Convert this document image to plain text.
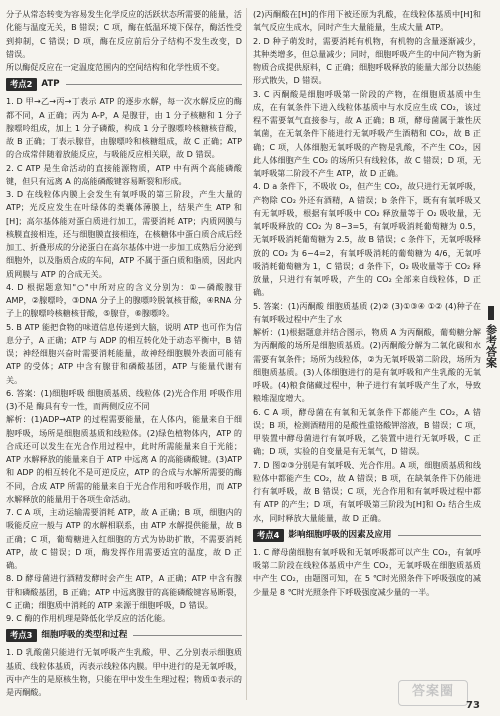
分子从常态转变为容易发生化学反应的活跃状态所需要的能量，活化能与温度无关，B 错误；C 项，酶在低温环境下保存，酶活性受到抑制，C 错误；D 项，酶在反应前后分子结构不发生改变，D 错误。

所以酶促反应在一定温度范围内的空间结构和化学性质不变。

考点2	ATP

1. D 甲→乙→丙→丁表示 ATP 的逐步水解，每一次水解反应的酶都不同，A 正确；丙为 A-P，A 是腺苷，由 1 分子核糖和 1 分子腺嘌呤组成，加上 1 分子磷酸，构成 1 分子腺嘌呤核糖核苷酸，故 B 正确；丁表示腺苷，由腺嘌呤和核糖组成，故 C 正确；ATP 的合成常伴随着放能反应，与吸能反应相关联，故 D 错误。

2. C ATP 是生命活动的直接能源物质，ATP 中有两个高能磷酸键，但只有远离 A 的高能磷酸键容易断裂和形成。

3. D 在线粒体内膜上会发生有氧呼吸的第三阶段，产生大量的 ATP；光反应发生在叶绿体的类囊体薄膜上，结果产生 ATP 和[H]；高尔基体能对蛋白质进行加工，需要消耗 ATP；内质网膜与核膜直接相连，还与细胞膜直接相连，在核糖体中蛋白质合成后经加工、折叠形成的分泌蛋白在高尔基体中进一步加工成熟后分泌到细胞外，以及脂质合成的车间，ATP 不属于蛋白质和脂质，因此内质网膜与 ATP 的合成无关。

4. D 根据题意知"○"中所对应的含义分别为：①—磷酸腺苷 AMP，②腺嘌呤，③DNA 分子上的腺嘌呤脱氧核苷酸，④RNA 分子上的腺嘌呤核糖核苷酸，⑤腺苷，⑥腺嘌呤。

5. B ATP 能把食物的味道信息传递到大脑，说明 ATP 也可作为信息分子，A 正确；ATP 与 ADP 的相互转化处于动态平衡中，B 错误；神经细胞兴奋时需要消耗能量，故神经细胞膜外表面可能有 ATP 的受体；ATP 中含有腺苷和磷酸基团，ATP 与能量代谢有关。

6. 答案：(1)细胞呼吸 细胞质基质、线粒体 (2)光合作用 呼吸作用 (3)不是 酶具有专一性，而两侧反应不同

解析：(1)ADP→ATP 的过程需要能量，在人体内，能量来自于细胞呼吸，场所是细胞质基质和线粒体。(2)绿色植物体内，ATP 的合成还可以发生在光合作用过程中，此时所需能量来自于光能；ATP 水解释放的能量来自于 ATP 中远离 A 的高能磷酸键。(3)ATP 和 ADP 的相互转化不是可逆反应，ATP 的合成与水解所需要的酶不同，合成 ATP 所需的能量来自于光合作用和呼吸作用，而 ATP 水解释放的能量用于各项生命活动。

7. C A 项，主动运输需要消耗 ATP，故 A 正确；B 项，细胞内的吸能反应一般与 ATP 的水解相联系，由 ATP 水解提供能量，故 B 正确；C 项，葡萄糖进入红细胞的方式为协助扩散，不需要消耗 ATP，故 C 错误；D 项，酶发挥作用需要适宜的温度，故 D 正确。

8. D 酵母菌进行酒精发酵时会产生 ATP，A 正确；ATP 中含有腺苷和磷酸基团，B 正确；ATP 中远离腺苷的高能磷酸键容易断裂，C 正确；细胞质中消耗的 ATP 来源于细胞呼吸，D 错误。

9. C 酶的作用机理是降低化学反应的活化能。

考点3	细胞呼吸的类型和过程

1. D 乳酸菌只能进行无氧呼吸产生乳酸，甲、乙分别表示细胞质基质、线粒体基质，丙表示线粒体内膜。甲中进行的是无氧呼吸，丙中产生的是原核生物，只能在甲中发生生理过程；物质①表示的是丙酮酸。

(2)丙酮酸在[H]的作用下被还原为乳酸，在线粒体基质中[H]和氧气反应生成水，同时产生大量能量，生成大量 ATP。

2. D 种子萌发时，需要消耗有机物，有机物的含量逐渐减少，其种类增多，但总量减少；同时，细胞呼吸产生的中间产物为新物质合成提供原料，C 正确；细胞呼吸释放的能量大部分以热能形式散失，D 错误。

3. C 丙酮酸是细胞呼吸第一阶段的产物，在细胞质基质中生成，在有氧条件下进入线粒体基质中与水反应生成 CO₂，该过程不需要氧气直接参与，故 A 正确；B 项，酵母菌属于兼性厌氧菌，在无氧条件下能进行无氧呼吸产生酒精和 CO₂，故 B 正确；C 项，人体细胞无氧呼吸的产物是乳酸，不产生 CO₂，因此人体细胞产生 CO₂ 的场所只有线粒体，故 C 错误；D 项，无氧呼吸第二阶段不产生 ATP，故 D 正确。

4. D a 条件下，不吸收 O₂，但产生 CO₂，故只进行无氧呼吸，产物除 CO₂ 外还有酒精，A 错误；b 条件下，既有有氧呼吸又有无氧呼吸，根据有氧呼吸中 CO₂ 释放量等于 O₂ 吸收量，无氧呼吸释放的 CO₂ 为 8−3=5，有氧呼吸消耗葡萄糖为 0.5，无氧呼吸消耗葡萄糖为 2.5，故 B 错误；c 条件下，无氧呼吸释放的 CO₂ 为 6−4=2，有氧呼吸消耗的葡萄糖为 4/6，无氧呼吸消耗葡萄糖为 1，C 错误；d 条件下，O₂ 吸收量等于 CO₂ 释放量，只进行有氧呼吸，产生的 CO₂ 全部来自线粒体，D 正确。

5. 答案：(1)丙酮酸 细胞质基质 (2)② (3)①③④ ①② (4)种子在有氧呼吸过程中产生了水

解析：(1)根据题意并结合图示，物质 A 为丙酮酸，葡萄糖分解为丙酮酸的场所是细胞质基质。(2)丙酮酸分解为二氧化碳和水需要有氧条件；场所为线粒体，②为无氧呼吸第二阶段，场所为细胞质基质。(3)人体细胞进行的是有氧呼吸和产生乳酸的无氧呼吸。(4)粮食储藏过程中，种子进行有氧呼吸产生了水，导致粮堆湿度增大。

6. C A 项，酵母菌在有氧和无氧条件下都能产生 CO₂，A 错误；B 项，检测酒精用的是酸性重铬酸钾溶液，B 错误；C 项，甲装置中酵母菌进行有氧呼吸，乙装置中进行无氧呼吸，C 正确；D 项，实验的自变量是有无氧气，D 错误。

7. D 图②③分别是有氧呼吸、光合作用。A 项，细胞质基质和线粒体中都能产生 CO₂，故 A 错误；B 项，在缺氧条件下仍能进行有氧呼吸，故 B 错误；C 项，光合作用和有氧呼吸过程中都有 ATP 的产生；D 项，有氧呼吸第三阶段为[H]和 O₂ 结合生成水，同时释放大量能量，故 D 正确。

考点4	影响细胞呼吸的因素及应用

1. C 酵母菌细胞有氧呼吸和无氧呼吸都可以产生 CO₂，有氧呼吸第二阶段在线粒体基质中产生 CO₂，无氧呼吸在细胞质基质中产生 CO₂，由题图可知，在 5 ℃时光照条件下呼吸强度的减少量是 8 ℃时光照条件下呼吸强度减少量的一半。

参考答案
答案圈
73
